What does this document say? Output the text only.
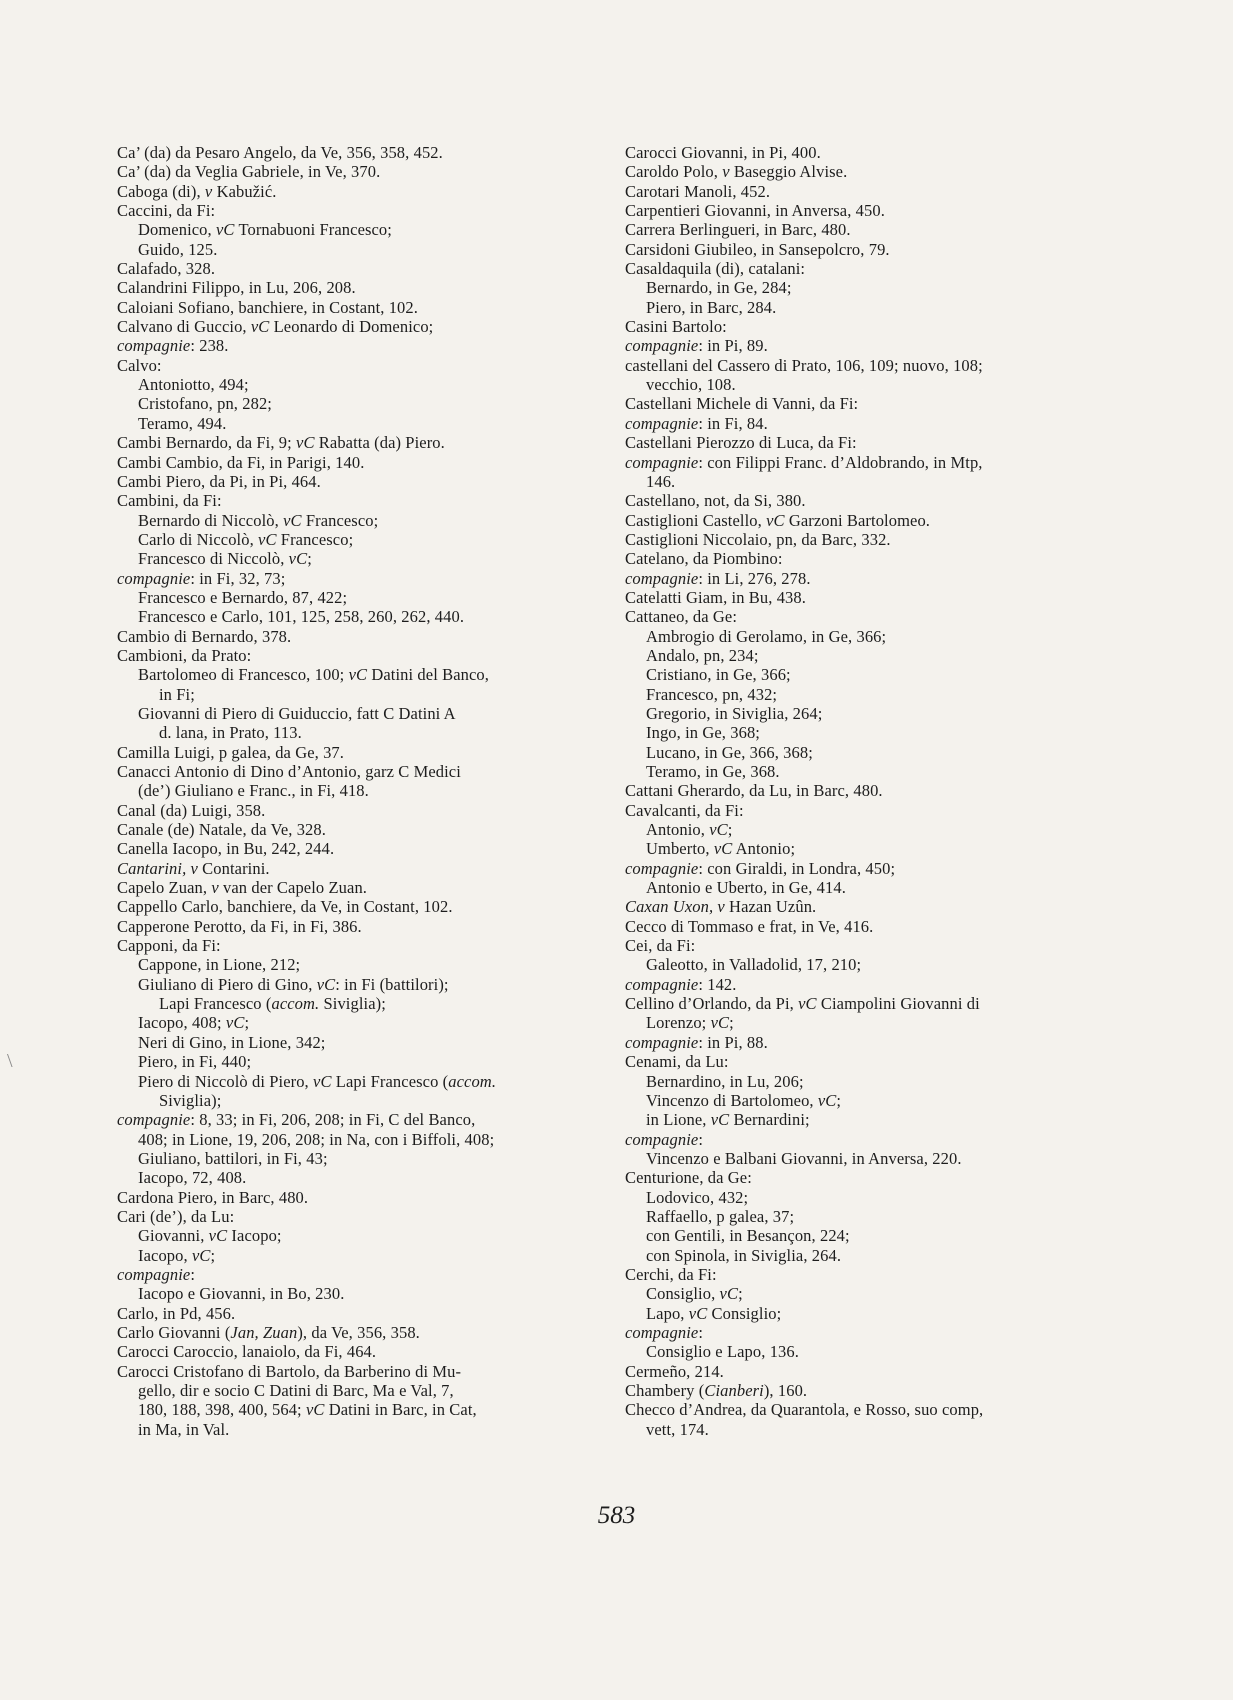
Ca’ (da) da Pesaro Angelo, da Ve, 356, 358, 452.
Ca’ (da) da Veglia Gabriele, in Ve, 370.
Caboga (di), v Kabužić.
Caccini, da Fi:
Domenico, vC Tornabuoni Francesco;
Guido, 125.
Calafado, 328.
Calandrini Filippo, in Lu, 206, 208.
Caloiani Sofiano, banchiere, in Costant, 102.
Calvano di Guccio, vC Leonardo di Domenico;
compagnie: 238.
Calvo:
Antoniotto, 494;
Cristofano, pn, 282;
Teramo, 494.
Cambi Bernardo, da Fi, 9; vC Rabatta (da) Piero.
Cambi Cambio, da Fi, in Parigi, 140.
Cambi Piero, da Pi, in Pi, 464.
Cambini, da Fi:
Bernardo di Niccolò, vC Francesco;
Carlo di Niccolò, vC Francesco;
Francesco di Niccolò, vC;
compagnie: in Fi, 32, 73;
Francesco e Bernardo, 87, 422;
Francesco e Carlo, 101, 125, 258, 260, 262, 440.
Cambio di Bernardo, 378.
Cambioni, da Prato:
Bartolomeo di Francesco, 100; vC Datini del Banco,
in Fi;
Giovanni di Piero di Guiduccio, fatt C Datini A
d. lana, in Prato, 113.
Camilla Luigi, p galea, da Ge, 37.
Canacci Antonio di Dino d’Antonio, garz C Medici
(de’) Giuliano e Franc., in Fi, 418.
Canal (da) Luigi, 358.
Canale (de) Natale, da Ve, 328.
Canella Iacopo, in Bu, 242, 244.
Cantarini, v Contarini.
Capelo Zuan, v van der Capelo Zuan.
Cappello Carlo, banchiere, da Ve, in Costant, 102.
Capperone Perotto, da Fi, in Fi, 386.
Capponi, da Fi:
Cappone, in Lione, 212;
Giuliano di Piero di Gino, vC: in Fi (battilori);
Lapi Francesco (accom. Siviglia);
Iacopo, 408; vC;
Neri di Gino, in Lione, 342;
Piero, in Fi, 440;
Piero di Niccolò di Piero, vC Lapi Francesco (accom.
Siviglia);
compagnie: 8, 33; in Fi, 206, 208; in Fi, C del Banco,
408; in Lione, 19, 206, 208; in Na, con i Biffoli, 408;
Giuliano, battilori, in Fi, 43;
Iacopo, 72, 408.
Cardona Piero, in Barc, 480.
Cari (de’), da Lu:
Giovanni, vC Iacopo;
Iacopo, vC;
compagnie:
Iacopo e Giovanni, in Bo, 230.
Carlo, in Pd, 456.
Carlo Giovanni (Jan, Zuan), da Ve, 356, 358.
Carocci Caroccio, lanaiolo, da Fi, 464.
Carocci Cristofano di Bartolo, da Barberino di Mu-
gello, dir e socio C Datini di Barc, Ma e Val, 7,
180, 188, 398, 400, 564; vC Datini in Barc, in Cat,
in Ma, in Val.
Carocci Giovanni, in Pi, 400.
Caroldo Polo, v Baseggio Alvise.
Carotari Manoli, 452.
Carpentieri Giovanni, in Anversa, 450.
Carrera Berlingueri, in Barc, 480.
Carsidoni Giubileo, in Sansepolcro, 79.
Casaldaquila (di), catalani:
Bernardo, in Ge, 284;
Piero, in Barc, 284.
Casini Bartolo:
compagnie: in Pi, 89.
castellani del Cassero di Prato, 106, 109; nuovo, 108;
vecchio, 108.
Castellani Michele di Vanni, da Fi:
compagnie: in Fi, 84.
Castellani Pierozzo di Luca, da Fi:
compagnie: con Filippi Franc. d’Aldobrando, in Mtp,
146.
Castellano, not, da Si, 380.
Castiglioni Castello, vC Garzoni Bartolomeo.
Castiglioni Niccolaio, pn, da Barc, 332.
Catelano, da Piombino:
compagnie: in Li, 276, 278.
Catelatti Giam, in Bu, 438.
Cattaneo, da Ge:
Ambrogio di Gerolamo, in Ge, 366;
Andalo, pn, 234;
Cristiano, in Ge, 366;
Francesco, pn, 432;
Gregorio, in Siviglia, 264;
Ingo, in Ge, 368;
Lucano, in Ge, 366, 368;
Teramo, in Ge, 368.
Cattani Gherardo, da Lu, in Barc, 480.
Cavalcanti, da Fi:
Antonio, vC;
Umberto, vC Antonio;
compagnie: con Giraldi, in Londra, 450;
Antonio e Uberto, in Ge, 414.
Caxan Uxon, v Hazan Uzûn.
Cecco di Tommaso e frat, in Ve, 416.
Cei, da Fi:
Galeotto, in Valladolid, 17, 210;
compagnie: 142.
Cellino d’Orlando, da Pi, vC Ciampolini Giovanni di
Lorenzo; vC;
compagnie: in Pi, 88.
Cenami, da Lu:
Bernardino, in Lu, 206;
Vincenzo di Bartolomeo, vC;
in Lione, vC Bernardini;
compagnie:
Vincenzo e Balbani Giovanni, in Anversa, 220.
Centurione, da Ge:
Lodovico, 432;
Raffaello, p galea, 37;
con Gentili, in Besançon, 224;
con Spinola, in Siviglia, 264.
Cerchi, da Fi:
Consiglio, vC;
Lapo, vC Consiglio;
compagnie:
Consiglio e Lapo, 136.
Cermeño, 214.
Chambery (Cianberi), 160.
Checco d’Andrea, da Quarantola, e Rosso, suo comp,
vett, 174.
583
\
